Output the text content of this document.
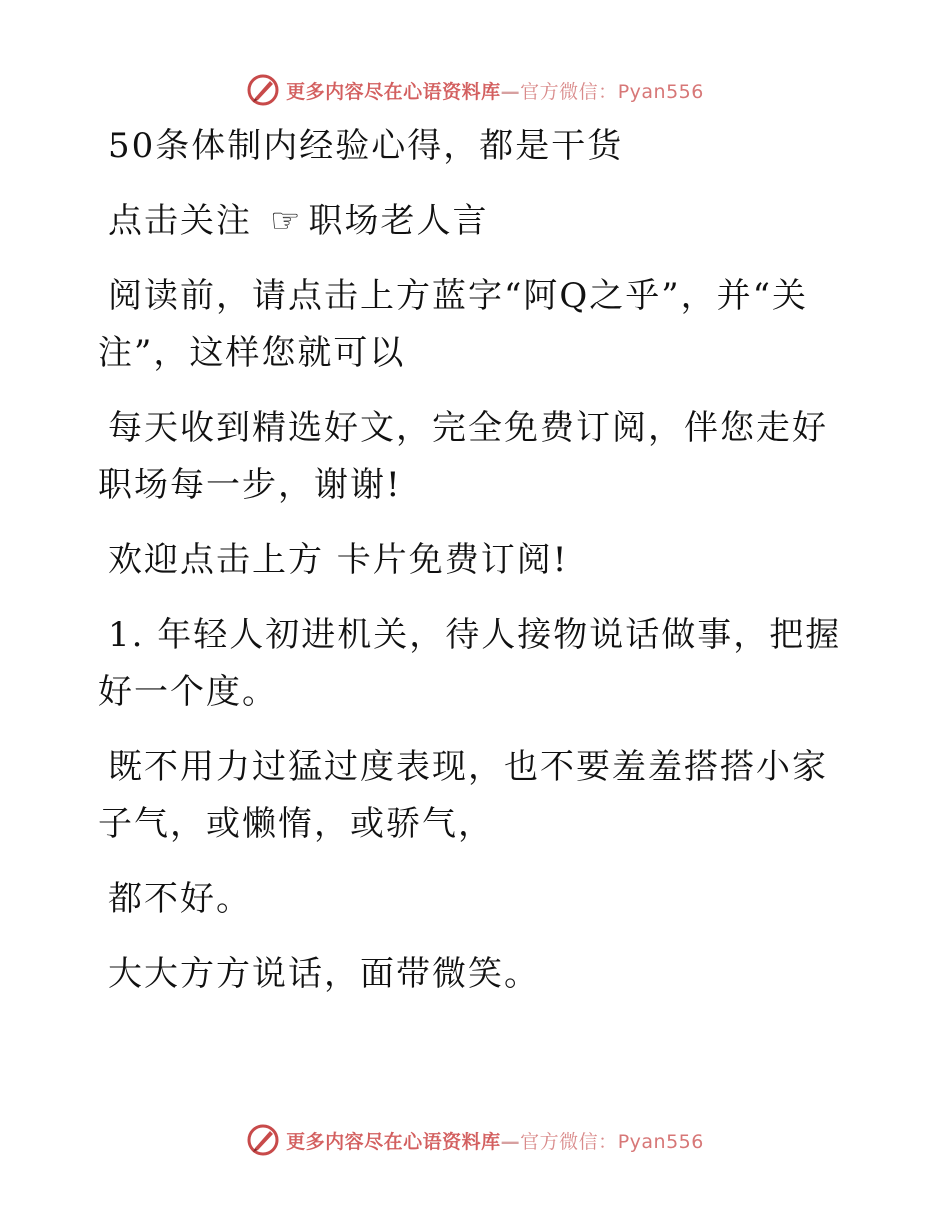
更多内容尽在心语资料库—官方微信：Pyan556

50条体制内经验心得，都是干货

点击关注 ☞ 职场老人言

阅读前，请点击上方蓝字“阿Q之乎”，并“关注”，这样您就可以

每天收到精选好文，完全免费订阅，伴您走好职场每一步，谢谢!

欢迎点击上方 卡片免费订阅!

1. 年轻人初进机关，待人接物说话做事，把握好一个度。

既不用力过猛过度表现，也不要羞羞搭搭小家子气，或懒惰，或骄气，

都不好。

大大方方说话，面带微笑。

更多内容尽在心语资料库—官方微信：Pyan556
